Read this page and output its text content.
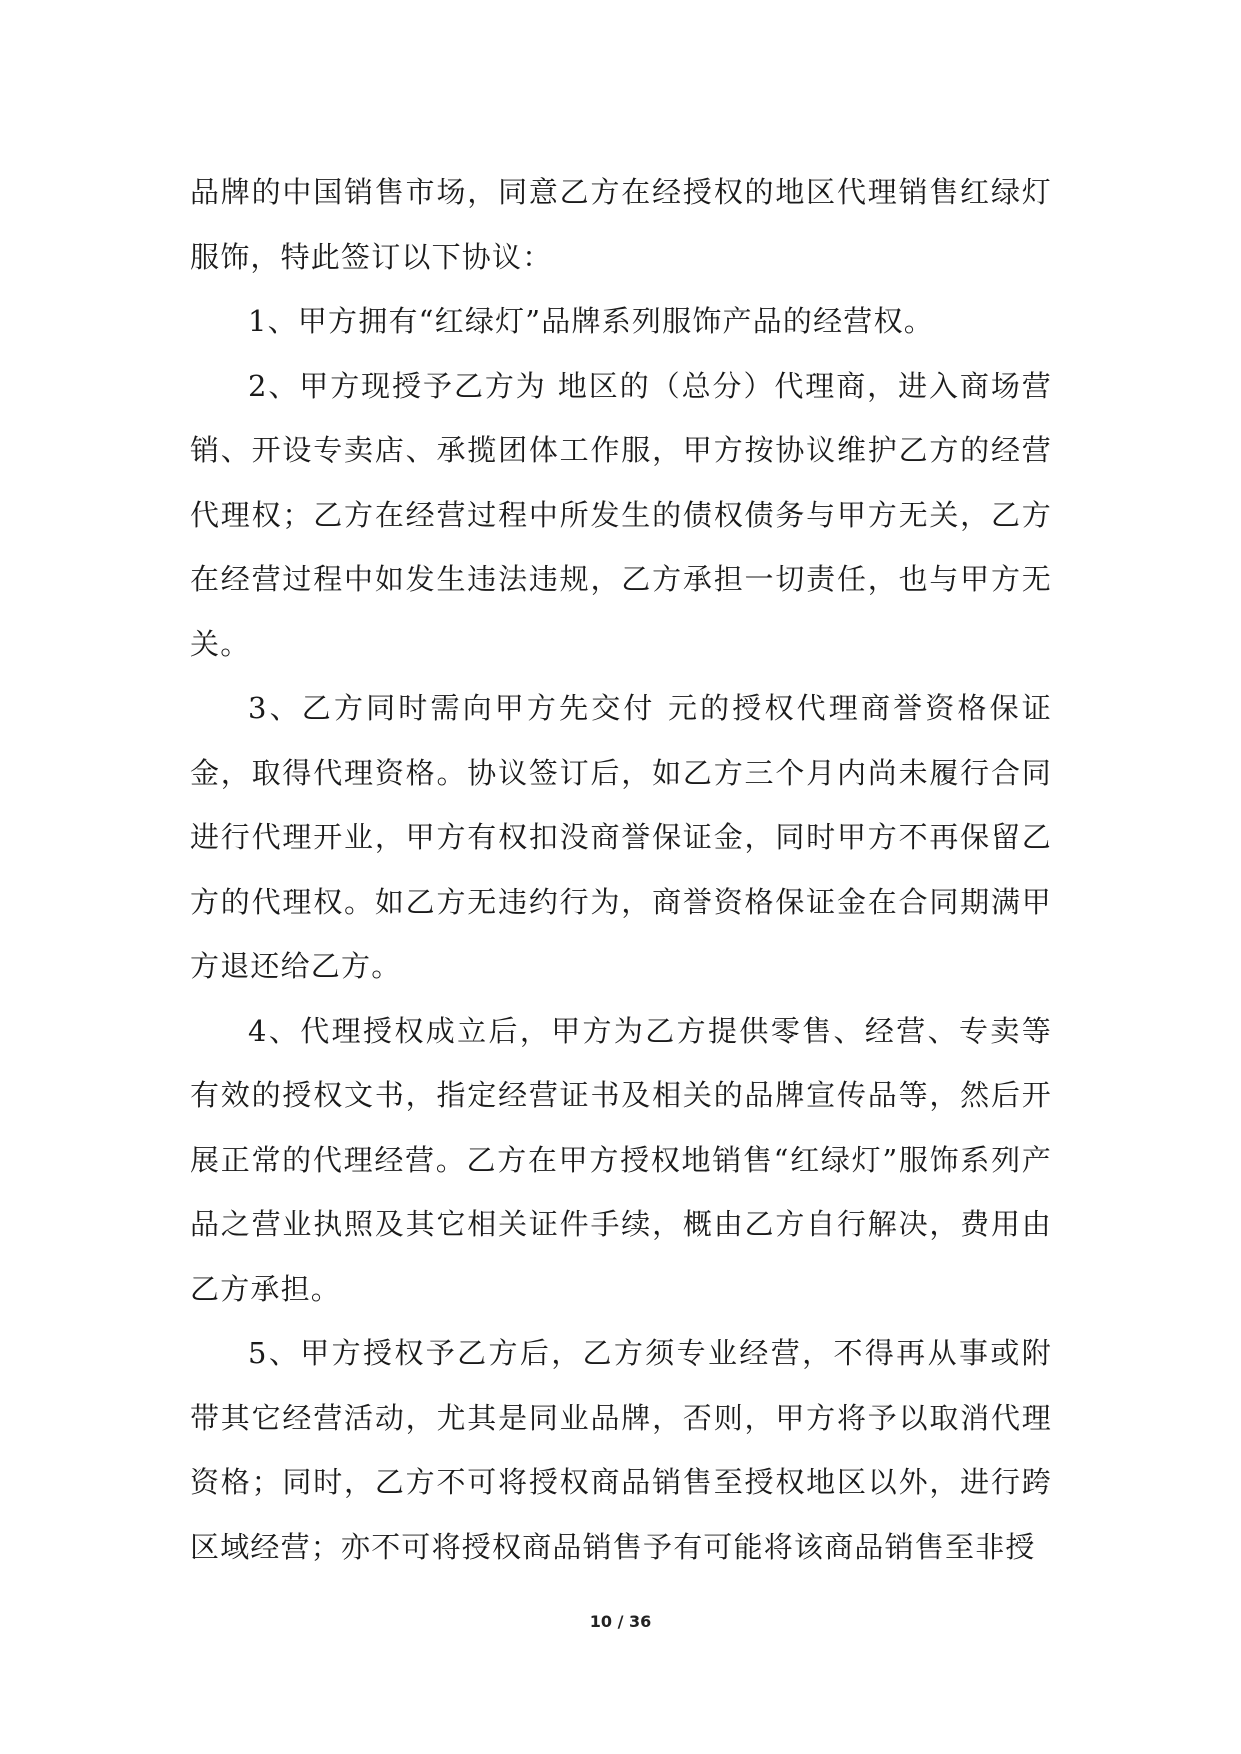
品牌的中国销售市场，同意乙方在经授权的地区代理销售红绿灯服饰，特此签订以下协议：

1、甲方拥有“红绿灯”品牌系列服饰产品的经营权。

2、甲方现授予乙方为 地区的（总分）代理商，进入商场营销、开设专卖店、承揽团体工作服，甲方按协议维护乙方的经营代理权；乙方在经营过程中所发生的债权债务与甲方无关，乙方在经营过程中如发生违法违规，乙方承担一切责任，也与甲方无关。

3、乙方同时需向甲方先交付 元的授权代理商誉资格保证金，取得代理资格。协议签订后，如乙方三个月内尚未履行合同进行代理开业，甲方有权扣没商誉保证金，同时甲方不再保留乙方的代理权。如乙方无违约行为，商誉资格保证金在合同期满甲方退还给乙方。

4、代理授权成立后，甲方为乙方提供零售、经营、专卖等有效的授权文书，指定经营证书及相关的品牌宣传品等，然后开展正常的代理经营。乙方在甲方授权地销售“红绿灯”服饰系列产品之营业执照及其它相关证件手续，概由乙方自行解决，费用由乙方承担。

5、甲方授权予乙方后，乙方须专业经营，不得再从事或附带其它经营活动，尤其是同业品牌，否则，甲方将予以取消代理资格；同时，乙方不可将授权商品销售至授权地区以外，进行跨区域经营；亦不可将授权商品销售予有可能将该商品销售至非授

10 / 36
